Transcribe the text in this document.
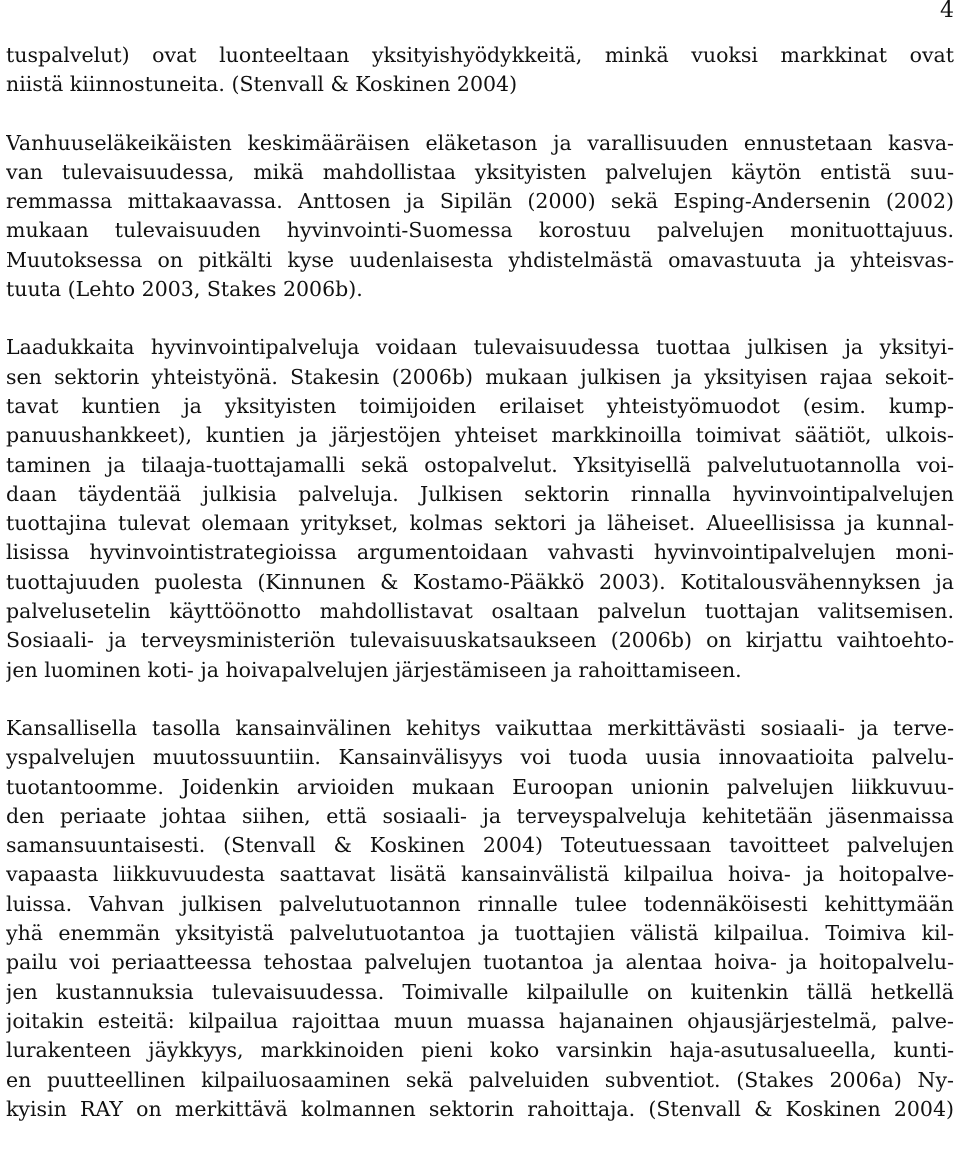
4
tuspalvelut) ovat luonteeltaan yksityishyödykkeitä, minkä vuoksi markkinat ovat
niistä kiinnostuneita. (Stenvall & Koskinen 2004)
Vanhuuseläkeikäisten keskimääräisen eläketason ja varallisuuden ennustetaan kasva-
van tulevaisuudessa, mikä mahdollistaa yksityisten palvelujen käytön entistä suu-
remmassa mittakaavassa. Anttosen ja Sipilän (2000) sekä Esping-Andersenin (2002)
mukaan tulevaisuuden hyvinvointi-Suomessa korostuu palvelujen monituottajuus.
Muutoksessa on pitkälti kyse uudenlaisesta yhdistelmästä omavastuuta ja yhteisvas-
tuuta (Lehto 2003, Stakes 2006b).
Laadukkaita hyvinvointipalveluja voidaan tulevaisuudessa tuottaa julkisen ja yksityi-
sen sektorin yhteistyönä. Stakesin (2006b) mukaan julkisen ja yksityisen rajaa sekoit-
tavat kuntien ja yksityisten toimijoiden erilaiset yhteistyömuodot (esim. kump-
panuushankkeet), kuntien ja järjestöjen yhteiset markkinoilla toimivat säätiöt, ulkois-
taminen ja tilaaja-tuottajamalli sekä ostopalvelut. Yksityisellä palvelutuotannolla voi-
daan täydentää julkisia palveluja. Julkisen sektorin rinnalla hyvinvointipalvelujen
tuottajina tulevat olemaan yritykset, kolmas sektori ja läheiset. Alueellisissa ja kunnal-
lisissa hyvinvointistrategioissa argumentoidaan vahvasti hyvinvointipalvelujen moni-
tuottajuuden puolesta (Kinnunen & Kostamo-Pääkkö 2003). Kotitalousvähennyksen ja
palvelusetelin käyttöönotto mahdollistavat osaltaan palvelun tuottajan valitsemisen.
Sosiaali- ja terveysministeriön tulevaisuuskatsaukseen (2006b) on kirjattu vaihtoehto-
jen luominen koti- ja hoivapalvelujen järjestämiseen ja rahoittamiseen.
Kansallisella tasolla kansainvälinen kehitys vaikuttaa merkittävästi sosiaali- ja terve-
yspalvelujen muutossuuntiin. Kansainvälisyys voi tuoda uusia innovaatioita palvelu-
tuotantoomme. Joidenkin arvioiden mukaan Euroopan unionin palvelujen liikkuvuu-
den periaate johtaa siihen, että sosiaali- ja terveyspalveluja kehitetään jäsenmaissa
samansuuntaisesti. (Stenvall & Koskinen 2004) Toteutuessaan tavoitteet palvelujen
vapaasta liikkuvuudesta saattavat lisätä kansainvälistä kilpailua hoiva- ja hoitopalve-
luissa. Vahvan julkisen palvelutuotannon rinnalle tulee todennäköisesti kehittymään
yhä enemmän yksityistä palvelutuotantoa ja tuottajien välistä kilpailua. Toimiva kil-
pailu voi periaatteessa tehostaa palvelujen tuotantoa ja alentaa hoiva- ja hoitopalvelu-
jen kustannuksia tulevaisuudessa. Toimivalle kilpailulle on kuitenkin tällä hetkellä
joitakin esteitä: kilpailua rajoittaa muun muassa hajanainen ohjausjärjestelmä, palve-
lurakenteen jäykkyys, markkinoiden pieni koko varsinkin haja-asutusalueella, kunti-
en puutteellinen kilpailuosaaminen sekä palveluiden subventiot. (Stakes 2006a) Ny-
kyisin RAY on merkittävä kolmannen sektorin rahoittaja. (Stenvall & Koskinen 2004)
